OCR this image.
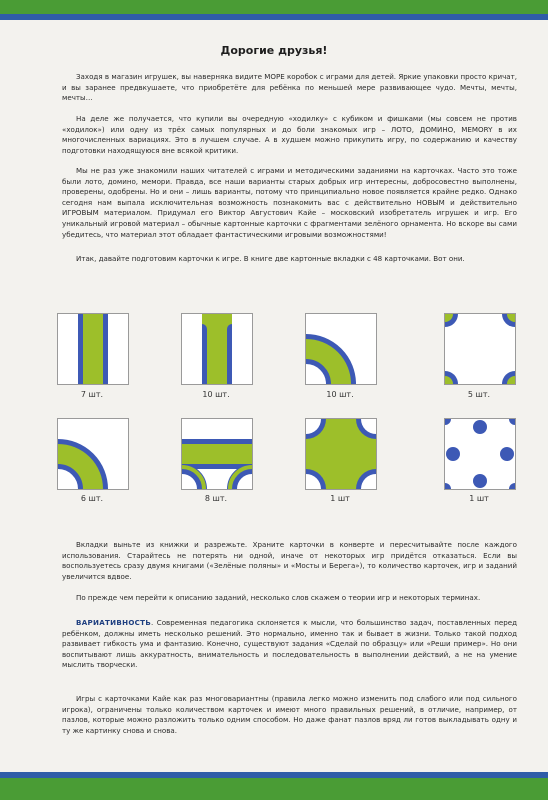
Дорогие друзья!

Заходя в магазин игрушек, вы наверняка видите МОРЕ коробок с играми для детей. Яркие упаковки просто кричат, и вы заранее предвкушаете, что приобретёте для ребёнка по меньшей мере развивающее чудо. Мечты, мечты, мечты…

На деле же получается, что купили вы очередную «ходилку» с кубиком и фишками (мы совсем не против «ходилок») или одну из трёх самых популярных и до боли знакомых игр – ЛОТО, ДОМИНО, MEMORY в их многочисленных вариациях. Это в лучшем случае. А в худшем можно прикупить игру, по содержанию и качеству подготовки находящуюся вне всякой критики.

Мы не раз уже знакомили наших читателей с играми и методическими заданиями на карточках. Часто это тоже были лото, домино, мемори. Правда, все наши варианты старых добрых игр интересны, добросовестно выполнены, проверены, одобрены. Но и они – лишь варианты, потому что принципиально новое появляется крайне редко. Однако сегодня нам выпала исключительная возможность познакомить вас с действительно НОВЫМ и действительно ИГРОВЫМ материалом. Придумал его Виктор Августович Кайе – московский изобретатель игрушек и игр. Его уникальный игровой материал – обычные картонные карточки с фрагментами зелёного орнамента. Но вскоре вы сами убедитесь, что материал этот обладает фантастическими игровыми возможностями!

Итак, давайте подготовим карточки к игре. В книге две картонные вкладки с 48 карточками. Вот они.

7 шт.	10 шт.	10 шт.	5 шт.
6 шт.	8 шт.	1 шт	1 шт

Вкладки выньте из книжки и разрежьте. Храните карточки в конверте и пересчитывайте после каждого использования. Старайтесь не потерять ни одной, иначе от некоторых игр придётся отказаться. Если вы воспользуетесь сразу двумя книгами («Зелёные поляны» и «Мосты и Берега»), то количество карточек, игр и заданий увеличится вдвое.

По прежде чем перейти к описанию заданий, несколько слов скажем о теории игр и некоторых терминах.

ВАРИАТИВНОСТЬ. Современная педагогика склоняется к мысли, что большинство задач, поставленных перед ребёнком, должны иметь несколько решений. Это нормально, именно так и бывает в жизни. Только такой подход развивает гибкость ума и фантазию. Конечно, существуют задания «Сделай по образцу» или «Реши пример». Но они воспитывают лишь аккуратность, внимательность и последовательность в выполнении действий, а не на умение мыслить творчески.

Игры с карточками Кайе как раз многовариантны (правила легко можно изменить под слабого или под сильного игрока), ограничены только количеством карточек и имеют много правильных решений, в отличие, например, от пазлов, которые можно разложить только одним способом. Но даже фанат пазлов вряд ли готов выкладывать одну и ту же картинку снова и снова.
